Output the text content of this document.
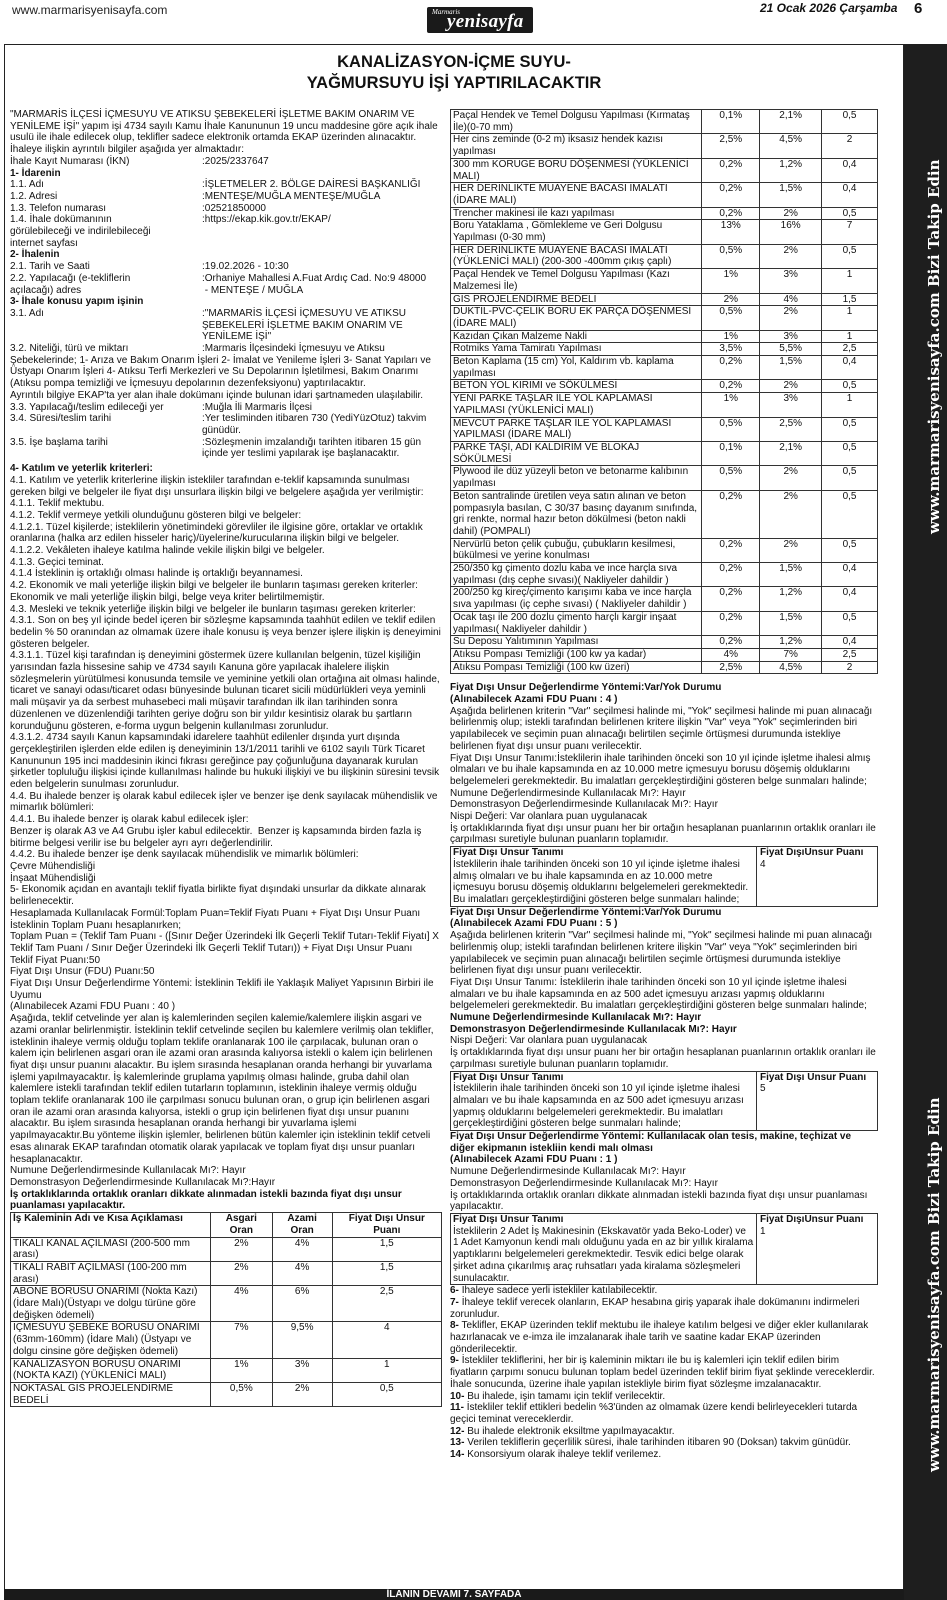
www.marmarisyenisayfa.com	Marmaris
yenisayfa
21 Ocak 2026 Çarşamba 6
www.marmarisyenisayfa.com Bizi Takip Edin
www.marmarisyenisayfa.com Bizi Takip Edin
KANALİZASYON-İÇME SUYU-
YAĞMURSUYU İŞİ YAPTIRILACAKTIR
"MARMARİS İLÇESİ İÇMESUYU VE ATIKSU ŞEBEKELERİ İŞLETME BAKIM ONARIM VE YENİLEME İŞİ" yapım işi 4734 sayılı Kamu İhale Kanununun 19 uncu maddesine göre açık ihale usulü ile ihale edilecek olup, teklifler sadece elektronik ortamda EKAP üzerinden alınacaktır.
İhaleye ilişkin ayrıntılı bilgiler aşağıda yer almaktadır:
İhale Kayıt Numarası (İKN)	:2025/2337647
1- İdarenin
1.1. Adı	:İŞLETMELER 2. BÖLGE DAİRESİ BAŞKANLIĞI
1.2. Adresi	:MENTEŞE/MUĞLA MENTEŞE/MUĞLA
1.3. Telefon numarası	:02521850000
1.4. İhale dokümanının
görülebileceği ve indirilebileceği
internet sayfası
:https://ekap.kik.gov.tr/EKAP/
2- İhalenin
2.1. Tarih ve Saati	:19.02.2026 - 10:30
2.2. Yapılacağı (e-tekliflerin
açılacağı) adres
:Orhaniye Mahallesi A.Fuat Ardıç Cad. No:9 48000
- MENTEŞE / MUĞLA
3- İhale konusu yapım işinin
3.1. Adı	:"MARMARİS İLÇESİ İÇMESUYU VE ATIKSU
ŞEBEKELERİ İŞLETME BAKIM ONARIM VE
YENİLEME İŞİ"
3.2. Niteliği, türü ve miktarı	:Marmaris İlçesindeki İçmesuyu ve Atıksu
Şebekelerinde; 1- Arıza ve Bakım Onarım İşleri 2- İmalat ve Yenileme İşleri 3- Sanat Yapıları ve Üstyapı Onarım İşleri 4- Atıksu Terfi Merkezleri ve Su Depolarının İşletilmesi, Bakım Onarımı (Atıksu pompa temizliği ve İçmesuyu depolarının dezenfeksiyonu) yaptırılacaktır.
Ayrıntılı bilgiye EKAP'ta yer alan ihale dokümanı içinde bulunan idari şartnameden ulaşılabilir.
3.3. Yapılacağı/teslim edileceği yer	:Muğla İli Marmaris İlçesi
3.4. Süresi/teslim tarihi	:Yer tesliminden itibaren 730 (YediYüzOtuz) takvim
günüdür.
3.5. İşe başlama tarihi	:Sözleşmenin imzalandığı tarihten itibaren 15 gün
içinde yer teslimi yapılarak işe başlanacaktır.
4- Katılım ve yeterlik kriterleri:
4.1. Katılım ve yeterlik kriterlerine ilişkin istekliler tarafından e-teklif kapsamında sunulması gereken bilgi ve belgeler ile fiyat dışı unsurlara ilişkin bilgi ve belgelere aşağıda yer verilmiştir:
4.1.1. Teklif mektubu.
4.1.2. Teklif vermeye yetkili olunduğunu gösteren bilgi ve belgeler:
4.1.2.1. Tüzel kişilerde; isteklilerin yönetimindeki görevliler ile ilgisine göre, ortaklar ve ortaklık oranlarına (halka arz edilen hisseler hariç)/üyelerine/kurucularına ilişkin bilgi ve belgeler.
4.1.2.2. Vekâleten ihaleye katılma halinde vekile ilişkin bilgi ve belgeler.
4.1.3. Geçici teminat.
4.1.4 İsteklinin iş ortaklığı olması halinde iş ortaklığı beyannamesi.
4.2. Ekonomik ve mali yeterliğe ilişkin bilgi ve belgeler ile bunların taşıması gereken kriterler:
Ekonomik ve mali yeterliğe ilişkin bilgi, belge veya kriter belirtilmemiştir.
4.3. Mesleki ve teknik yeterliğe ilişkin bilgi ve belgeler ile bunların taşıması gereken kriterler:
4.3.1. Son on beş yıl içinde bedel içeren bir sözleşme kapsamında taahhüt edilen ve teklif edilen bedelin % 50 oranından az olmamak üzere ihale konusu iş veya benzer işlere ilişkin iş deneyimini gösteren belgeler.
4.3.1.1. Tüzel kişi tarafından iş deneyimini göstermek üzere kullanılan belgenin, tüzel kişiliğin yarısından fazla hissesine sahip ve 4734 sayılı Kanuna göre yapılacak ihalelere ilişkin sözleşmelerin yürütülmesi konusunda temsile ve yeminine yetkili olan ortağına ait olması halinde, ticaret ve sanayi odası/ticaret odası bünyesinde bulunan ticaret sicili müdürlükleri veya yeminli mali müşavir ya da serbest muhasebeci mali müşavir tarafından ilk ilan tarihinden sonra düzenlenen ve düzenlendiği tarihten geriye doğru son bir yıldır kesintisiz olarak bu şartların korunduğunu gösteren, e-forma uygun belgenin kullanılması zorunludur.
4.3.1.2. 4734 sayılı Kanun kapsamındaki idarelere taahhüt edilenler dışında yurt dışında gerçekleştirilen işlerden elde edilen iş deneyiminin 13/1/2011 tarihli ve 6102 sayılı Türk Ticaret Kanununun 195 inci maddesinin ikinci fıkrası gereğince pay çoğunluğuna dayanarak kurulan şirketler topluluğu ilişkisi içinde kullanılması halinde bu hukuki ilişkiyi ve bu ilişkinin süresini tevsik eden belgelerin sunulması zorunludur.
4.4. Bu ihalede benzer iş olarak kabul edilecek işler ve benzer işe denk sayılacak mühendislik ve mimarlık bölümleri:
4.4.1. Bu ihalede benzer iş olarak kabul edilecek işler:
Benzer iş olarak A3 ve A4 Grubu işler kabul edilecektir.  Benzer iş kapsamında birden fazla iş bitirme belgesi verilir ise bu belgeler ayrı ayrı değerlendirilir.
4.4.2. Bu ihalede benzer işe denk sayılacak mühendislik ve mimarlık bölümleri:
Çevre Mühendisliği
İnşaat Mühendisliği
5- Ekonomik açıdan en avantajlı teklif fiyatla birlikte fiyat dışındaki unsurlar da dikkate alınarak belirlenecektir.
Hesaplamada Kullanılacak Formül:Toplam Puan=Teklif Fiyatı Puanı + Fiyat Dışı Unsur Puanı
İsteklinin Toplam Puanı hesaplanırken;
Toplam Puan = (Teklif Tam Puanı - ([Sınır Değer Üzerindeki İlk Geçerli Teklif Tutarı-Teklif Fiyatı] X Teklif Tam Puanı / Sınır Değer Üzerindeki İlk Geçerli Teklif Tutarı)) + Fiyat Dışı Unsur Puanı
Teklif Fiyat Puanı:50
Fiyat Dışı Unsur (FDU) Puanı:50
Fiyat Dışı Unsur Değerlendirme Yöntemi: İsteklinin Teklifi ile Yaklaşık Maliyet Yapısının Birbiri ile Uyumu
(Alınabilecek Azami FDU Puanı : 40 )
Aşağıda, teklif cetvelinde yer alan iş kalemlerinden seçilen kalemie/kalemlere ilişkin asgari ve azami oranlar belirlenmiştir. İsteklinin teklif cetvelinde seçilen bu kalemlere verilmiş olan teklifler, isteklinin ihaleye vermiş olduğu toplam teklife oranlanarak 100 ile çarpılacak, bulunan oran o kalem için belirlenen asgari oran ile azami oran arasında kalıyorsa istekli o kalem için belirlenen fiyat dışı unsur puanını alacaktır. Bu işlem sırasında hesaplanan oranda herhangi bir yuvarlama işlemi yapılmayacaktır. İş kalemlerinde gruplama yapılmış olması halinde, gruba dahil olan kalemlere istekli tarafından teklif edilen tutarların toplamının, isteklinin ihaleye vermiş olduğu toplam teklife oranlanarak 100 ile çarpılması sonucu bulunan oran, o grup için belirlenen asgari oran ile azami oran arasında kalıyorsa, istekli o grup için belirlenen fiyat dışı unsur puanını alacaktır. Bu işlem sırasında hesaplanan oranda herhangi bir yuvarlama işlemi yapılmayacaktır.Bu yönteme ilişkin işlemler, belirlenen bütün kalemler için isteklinin teklif cetveli esas alınarak EKAP tarafından otomatik olarak yapılacak ve toplam fiyat dışı unsur puanları hesaplanacaktır.
Numune Değerlendirmesinde Kullanılacak Mı?: Hayır
Demonstrasyon Değerlendirmesinde Kullanılacak Mı?:Hayır
İş ortaklıklarında ortaklık oranları dikkate alınmadan istekli bazında fiyat dışı unsur puanlaması yapılacaktır.
İş Kaleminin Adı ve Kısa Açıklaması	Asgari Oran	Azami Oran	Fiyat Dışı Unsur Puanı
TİKALI KANAL AÇILMASI (200-500 mm arası)	2%	4%	1,5
TIKALI RABIT AÇILMASI (100-200 mm arası)	2%	4%	1,5
ABONE BORUSU ONARIMI (Nokta Kazı)(İdare Malı)(Üstyapı ve dolgu türüne göre değişken ödemeli)	4%	6%	2,5
İÇMESUYU ŞEBEKE BORUSU ONARIMI (63mm-160mm) (İdare Malı) (Üstyapı ve dolgu cinsine göre değişken ödemeli)	7%	9,5%	4
KANALİZASYON BORUSU ONARIMI (NOKTA KAZI) (YÜKLENİCİ MALI)	1%	3%	1
NOKTASAL GİS PROJELENDİRME BEDELİ	0,5%	2%	0,5
Paçal Hendek ve Temel Dolgusu Yapılması (Kırmataş İle)(0-70 mm)	0,1%	2,1%	0,5
Her cins zeminde (0-2 m) iksasız hendek kazısı yapılması	2,5%	4,5%	2
300 mm KORUGE BORU DÖŞENMESİ (YÜKLENİCİ MALI)	0,2%	1,2%	0,4
HER DERİNLİKTE MUAYENE BACASI İMALATI (İDARE MALI)	0,2%	1,5%	0,4
Trencher makinesi ile kazı yapılması	0,2%	2%	0,5
Boru Yataklama , Gömlekleme ve Geri Dolgusu Yapılması (0-30 mm)	13%	16%	7
HER DERİNLİKTE MUAYENE BACASI İMALATI (YÜKLENİCİ MALI) (200-300 -400mm çıkış çaplı)	0,5%	2%	0,5
Paçal Hendek ve Temel Dolgusu Yapılması (Kazı Malzemesi İle)	1%	3%	1
GİS PROJELENDİRME BEDELİ	2%	4%	1,5
DUKTİL-PVC-ÇELİK BORU EK PARÇA DÖŞENMESİ (İDARE MALI)	0,5%	2%	1
Kazıdan Çıkan Malzeme Nakli	1%	3%	1
Rotmiks Yama Tamiratı Yapılması	3,5%	5,5%	2,5
Beton Kaplama (15 cm) Yol, Kaldırım vb. kaplama yapılması	0,2%	1,5%	0,4
BETON YOL KIRIMI ve SÖKÜLMESİ	0,2%	2%	0,5
YENİ PARKE TAŞLAR İLE YOL KAPLAMASI YAPILMASI (YÜKLENİCİ MALI)	1%	3%	1
MEVCUT PARKE TAŞLAR İLE YOL KAPLAMASI YAPILMASI (İDARE MALI)	0,5%	2,5%	0,5
PARKE TAŞI, ADİ KALDIRIM VE BLOKAJ SÖKÜLMESİ	0,1%	2,1%	0,5
Plywood ile düz yüzeyli beton ve betonarme kalıbının yapılması	0,5%	2%	0,5
Beton santralinde üretilen veya satın alınan ve beton pompasıyla basılan, C 30/37 basınç dayanım sınıfında, gri renkte, normal hazır beton dökülmesi (beton nakli dahil) (POMPALI)	0,2%	2%	0,5
Nervürlü beton çelik çubuğu, çubukların kesilmesi, bükülmesi ve yerine konulması	0,2%	2%	0,5
250/350 kg çimento dozlu kaba ve ince harçla sıva yapılması (dış cephe sıvası)( Nakliyeler dahildir )	0,2%	1,5%	0,4
200/250 kg kireç/çimento karışımı kaba ve ince harçla sıva yapılması (iç cephe sıvası) ( Nakliyeler dahildir )	0,2%	1,2%	0,4
Ocak taşı ile 200 dozlu çimento harçlı kargir inşaat yapılması( Nakliyeler dahildir )	0,2%	1,5%	0,5
Su Deposu Yalıtımının Yapılması	0,2%	1,2%	0,4
Atıksu Pompası Temizliği (100 kw ya kadar)	4%	7%	2,5
Atıksu Pompası Temizliği (100 kw üzeri)	2,5%	4,5%	2
Fiyat Dışı Unsur Değerlendirme Yöntemi:Var/Yok Durumu
(Alınabilecek Azami FDU Puanı : 4 )
Aşağıda belirlenen kriterin "Var" seçilmesi halinde mi, "Yok" seçilmesi halinde mi puan alınacağı belirlenmiş olup; istekli tarafından belirlenen kritere ilişkin "Var" veya "Yok" seçimlerinden biri yapılabilecek ve seçimin puan alınacağı belirtilen seçimle örtüşmesi durumunda istekliye belirlenen fiyat dışı unsur puanı verilecektir.
Fiyat Dışı Unsur Tanımı:İsteklilerin ihale tarihinden önceki son 10 yıl içinde işletme ihalesi almış olmaları ve bu ihale kapsamında en az 10.000 metre içmesuyu borusu döşemiş olduklarını belgelemeleri gerekmektedir. Bu imalatları gerçekleştirdiğini gösteren belge sunmaları halinde;
Numune Değerlendirmesinde Kullanılacak Mı?: Hayır
Demonstrasyon Değerlendirmesinde Kullanılacak Mı?: Hayır
Nispi Değeri: Var olanlara puan uygulanacak
İş ortaklıklarında fiyat dışı unsur puanı her bir ortağın hesaplanan puanlarının ortaklık oranları ile çarpılması suretiyle bulunan puanların toplamıdır.
Fiyat Dışı Unsur Tanımı
İsteklilerin ihale tarihinden önceki son 10 yıl içinde işletme ihalesi almış olmaları ve bu ihale kapsamında en az 10.000 metre içmesuyu borusu döşemiş olduklarını belgelemeleri gerekmektedir. Bu imalatları gerçekleştirdiğini gösteren belge sunmaları halinde;
Fiyat DışıUnsur Puanı
4
Fiyat Dışı Unsur Değerlendirme Yöntemi:Var/Yok Durumu
(Alınabilecek Azami FDU Puanı : 5 )
Aşağıda belirlenen kriterin "Var" seçilmesi halinde mi, "Yok" seçilmesi halinde mi puan alınacağı belirlenmiş olup; istekli tarafından belirlenen kritere ilişkin "Var" veya "Yok" seçimlerinden biri yapılabilecek ve seçimin puan alınacağı belirtilen seçimle örtüşmesi durumunda istekliye belirlenen fiyat dışı unsur puanı verilecektir.
Fiyat Dışı Unsur Tanımı: İsteklilerin ihale tarihinden önceki son 10 yıl içinde işletme ihalesi almaları ve bu ihale kapsamında en az 500 adet içmesuyu arızası yapmış olduklarını belgelemeleri gerekmektedir. Bu imalatları gerçekleştirdiğini gösteren belge sunmaları halinde;
Numune Değerlendirmesinde Kullanılacak Mı?: Hayır
Demonstrasyon Değerlendirmesinde Kullanılacak Mı?: Hayır
Nispi Değeri: Var olanlara puan uygulanacak
İş ortaklıklarında fiyat dışı unsur puanı her bir ortağın hesaplanan puanlarının ortaklık oranları ile çarpılması suretiyle bulunan puanların toplamıdır.
Fiyat Dışı Unsur Tanımı
İsteklilerin ihale tarihinden önceki son 10 yıl içinde işletme ihalesi almaları ve bu ihale kapsamında en az 500 adet içmesuyu arızası yapmış olduklarını belgelemeleri gerekmektedir. Bu imalatları gerçekleştirdiğini gösteren belge sunmaları halinde;
Fiyat Dışı Unsur Puanı
5
Fiyat Dışı Unsur Değerlendirme Yöntemi: Kullanılacak olan tesis, makine, teçhizat ve diğer ekipmanın istekliin kendi malı olması
(Alınabilecek Azami FDU Puanı : 1 )
Numune Değerlendirmesinde Kullanılacak Mı?: Hayır
Demonstrasyon Değerlendirmesinde Kullanılacak Mı?: Hayır
İş ortaklıklarında ortaklık oranları dikkate alınmadan istekli bazında fiyat dışı unsur puanlaması yapılacaktır.
Fiyat Dışı Unsur Tanımı
İsteklilerin 2 Adet İş Makinesinin (Ekskavatör yada Beko-Loder) ve 1 Adet Kamyonun kendi malı olduğunu yada en az bir yıllık kiralama yaptıklarını belgelemeleri gerekmektedir. Tesvik edici belge olarak şirket adına çıkarılmış araç ruhsatları yada kiralama sözleşmeleri sunulacaktır.
Fiyat DışıUnsur Puanı
1
6- İhaleye sadece yerli istekliler katılabilecektir.
7- İhaleye teklif verecek olanların, EKAP hesabına giriş yaparak ihale dokümanını indirmeleri zorunludur.
8- Teklifler, EKAP üzerinden teklif mektubu ile ihaleye katılım belgesi ve diğer ekler kullanılarak hazırlanacak ve e-imza ile imzalanarak ihale tarih ve saatine kadar EKAP üzerinden gönderilecektir.
9- İstekliler tekliflerini, her bir iş kaleminin miktarı ile bu iş kalemleri için teklif edilen birim fiyatların çarpımı sonucu bulunan toplam bedel üzerinden teklif birim fiyat şeklinde vereceklerdir. İhale sonucunda, üzerine ihale yapılan istekliyle birim fiyat sözleşme imzalanacaktır.
10- Bu ihalede, işin tamamı için teklif verilecektir.
11- İstekliler teklif ettikleri bedelin %3'ünden az olmamak üzere kendi belirleyecekleri tutarda geçici teminat vereceklerdir.
12- Bu ihalede elektronik eksiltme yapılmayacaktır.
13- Verilen tekliflerin geçerlilik süresi, ihale tarihinden itibaren 90 (Doksan) takvim günüdür.
14- Konsorsiyum olarak ihaleye teklif verilemez.
İLANIN DEVAMI 7. SAYFADA
